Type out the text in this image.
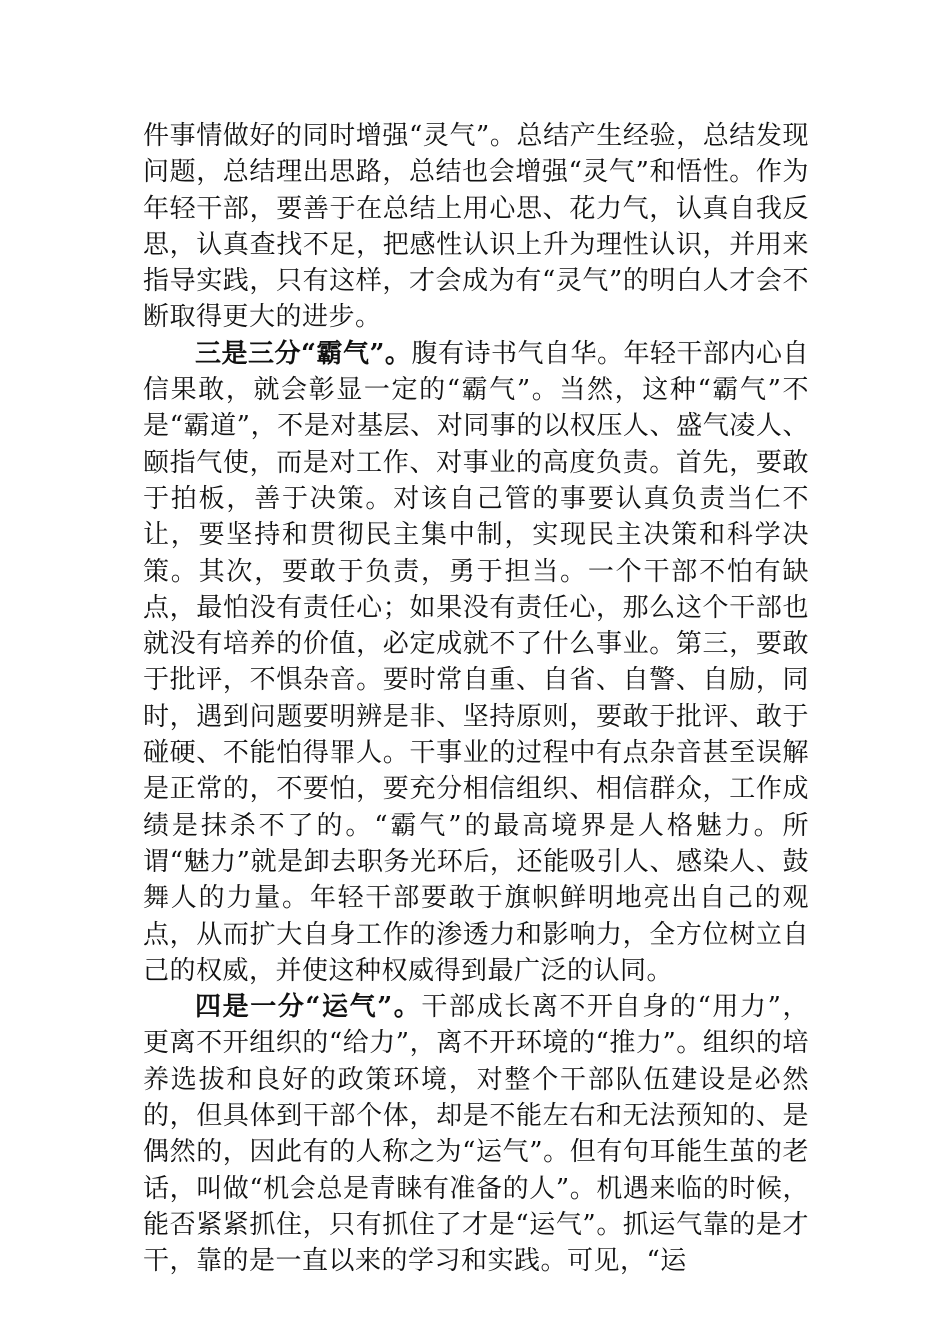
件事情做好的同时增强“灵气”。总结产生经验，总结发现问题，总结理出思路，总结也会增强“灵气”和悟性。作为年轻干部，要善于在总结上用心思、花力气，认真自我反思，认真查找不足，把感性认识上升为理性认识，并用来指导实践，只有这样，才会成为有“灵气”的明白人才会不断取得更大的进步。

三是三分“霸气”。腹有诗书气自华。年轻干部内心自信果敢，就会彰显一定的“霸气”。当然，这种“霸气”不是“霸道”，不是对基层、对同事的以权压人、盛气凌人、颐指气使，而是对工作、对事业的高度负责。首先，要敢于拍板，善于决策。对该自己管的事要认真负责当仁不让，要坚持和贯彻民主集中制，实现民主决策和科学决策。其次，要敢于负责，勇于担当。一个干部不怕有缺点，最怕没有责任心；如果没有责任心，那么这个干部也就没有培养的价值，必定成就不了什么事业。第三，要敢于批评，不惧杂音。要时常自重、自省、自警、自励，同时，遇到问题要明辨是非、坚持原则，要敢于批评、敢于碰硬、不能怕得罪人。干事业的过程中有点杂音甚至误解是正常的，不要怕，要充分相信组织、相信群众，工作成绩是抹杀不了的。“霸气”的最高境界是人格魅力。所谓“魅力”就是卸去职务光环后，还能吸引人、感染人、鼓舞人的力量。年轻干部要敢于旗帜鲜明地亮出自己的观点，从而扩大自身工作的渗透力和影响力，全方位树立自己的权威，并使这种权威得到最广泛的认同。

四是一分“运气”。干部成长离不开自身的“用力”，更离不开组织的“给力”，离不开环境的“推力”。组织的培养选拔和良好的政策环境，对整个干部队伍建设是必然的，但具体到干部个体，却是不能左右和无法预知的、是偶然的，因此有的人称之为“运气”。但有句耳能生茧的老话，叫做“机会总是青睐有准备的人”。机遇来临的时候，能否紧紧抓住，只有抓住了才是“运气”。抓运气靠的是才干，靠的是一直以来的学习和实践。可见，“运
